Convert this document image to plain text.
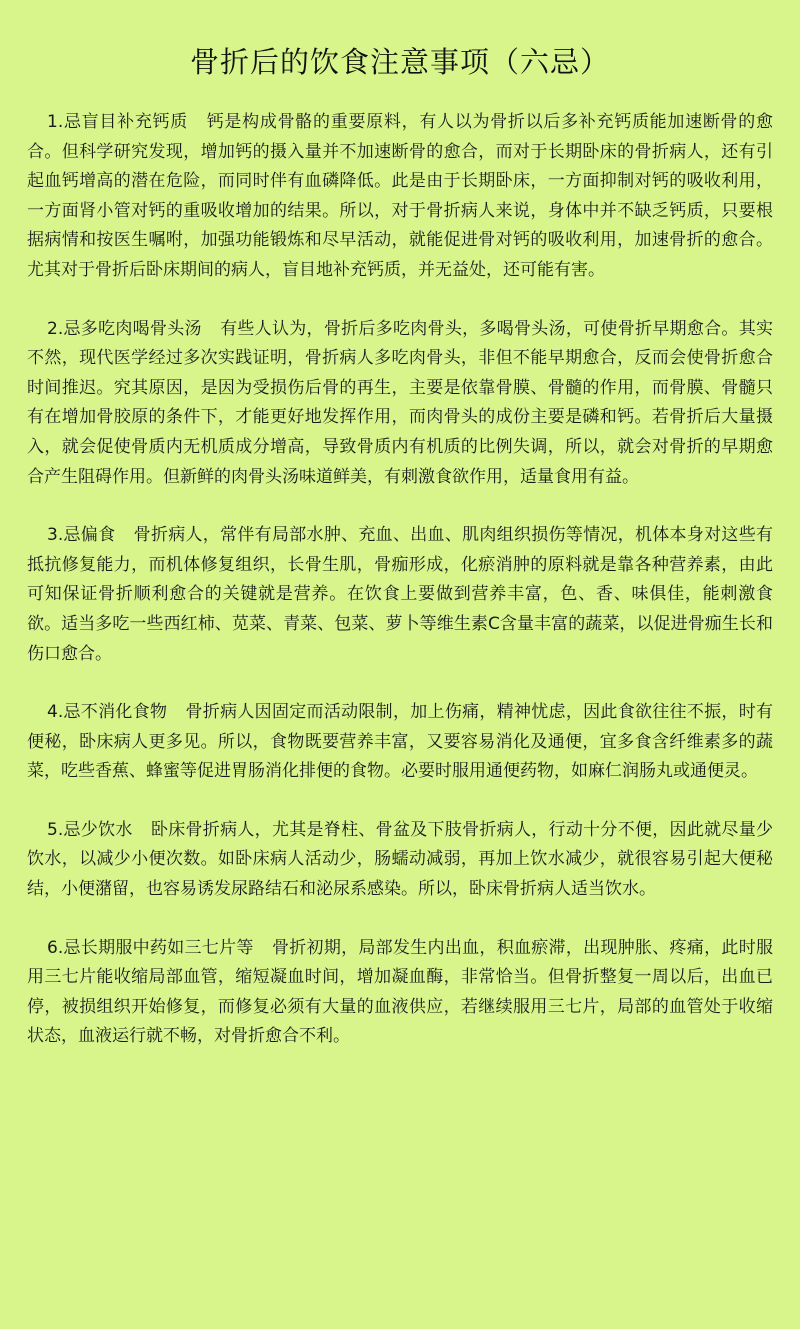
骨折后的饮食注意事项（六忌）

1.忌盲目补充钙质 钙是构成骨骼的重要原料，有人以为骨折以后多补充钙质能加速断骨的愈合。但科学研究发现，增加钙的摄入量并不加速断骨的愈合，而对于长期卧床的骨折病人，还有引起血钙增高的潜在危险，而同时伴有血磷降低。此是由于长期卧床，一方面抑制对钙的吸收利用，一方面肾小管对钙的重吸收增加的结果。所以，对于骨折病人来说，身体中并不缺乏钙质，只要根据病情和按医生嘱咐，加强功能锻炼和尽早活动，就能促进骨对钙的吸收利用，加速骨折的愈合。尤其对于骨折后卧床期间的病人，盲目地补充钙质，并无益处，还可能有害。

2.忌多吃肉喝骨头汤 有些人认为，骨折后多吃肉骨头，多喝骨头汤，可使骨折早期愈合。其实不然，现代医学经过多次实践证明，骨折病人多吃肉骨头，非但不能早期愈合，反而会使骨折愈合时间推迟。究其原因，是因为受损伤后骨的再生，主要是依靠骨膜、骨髓的作用，而骨膜、骨髓只有在增加骨胶原的条件下，才能更好地发挥作用，而肉骨头的成份主要是磷和钙。若骨折后大量摄入，就会促使骨质内无机质成分增高，导致骨质内有机质的比例失调，所以，就会对骨折的早期愈合产生阻碍作用。但新鲜的肉骨头汤味道鲜美，有刺激食欲作用，适量食用有益。

3.忌偏食 骨折病人，常伴有局部水肿、充血、出血、肌肉组织损伤等情况，机体本身对这些有抵抗修复能力，而机体修复组织，长骨生肌，骨痂形成，化瘀消肿的原料就是靠各种营养素，由此可知保证骨折顺利愈合的关键就是营养。在饮食上要做到营养丰富，色、香、味俱佳，能刺激食欲。适当多吃一些西红柿、苋菜、青菜、包菜、萝卜等维生素C含量丰富的蔬菜，以促进骨痂生长和伤口愈合。

4.忌不消化食物 骨折病人因固定而活动限制，加上伤痛，精神忧虑，因此食欲往往不振，时有便秘，卧床病人更多见。所以，食物既要营养丰富，又要容易消化及通便，宜多食含纤维素多的蔬菜，吃些香蕉、蜂蜜等促进胃肠消化排便的食物。必要时服用通便药物，如麻仁润肠丸或通便灵。

5.忌少饮水 卧床骨折病人，尤其是脊柱、骨盆及下肢骨折病人，行动十分不便，因此就尽量少饮水，以减少小便次数。如卧床病人活动少，肠蠕动减弱，再加上饮水减少，就很容易引起大便秘结，小便潴留，也容易诱发尿路结石和泌尿系感染。所以，卧床骨折病人适当饮水。

6.忌长期服中药如三七片等 骨折初期，局部发生内出血，积血瘀滞，出现肿胀、疼痛，此时服用三七片能收缩局部血管，缩短凝血时间，增加凝血酶，非常恰当。但骨折整复一周以后，出血已停，被损组织开始修复，而修复必须有大量的血液供应，若继续服用三七片，局部的血管处于收缩状态，血液运行就不畅，对骨折愈合不利。
